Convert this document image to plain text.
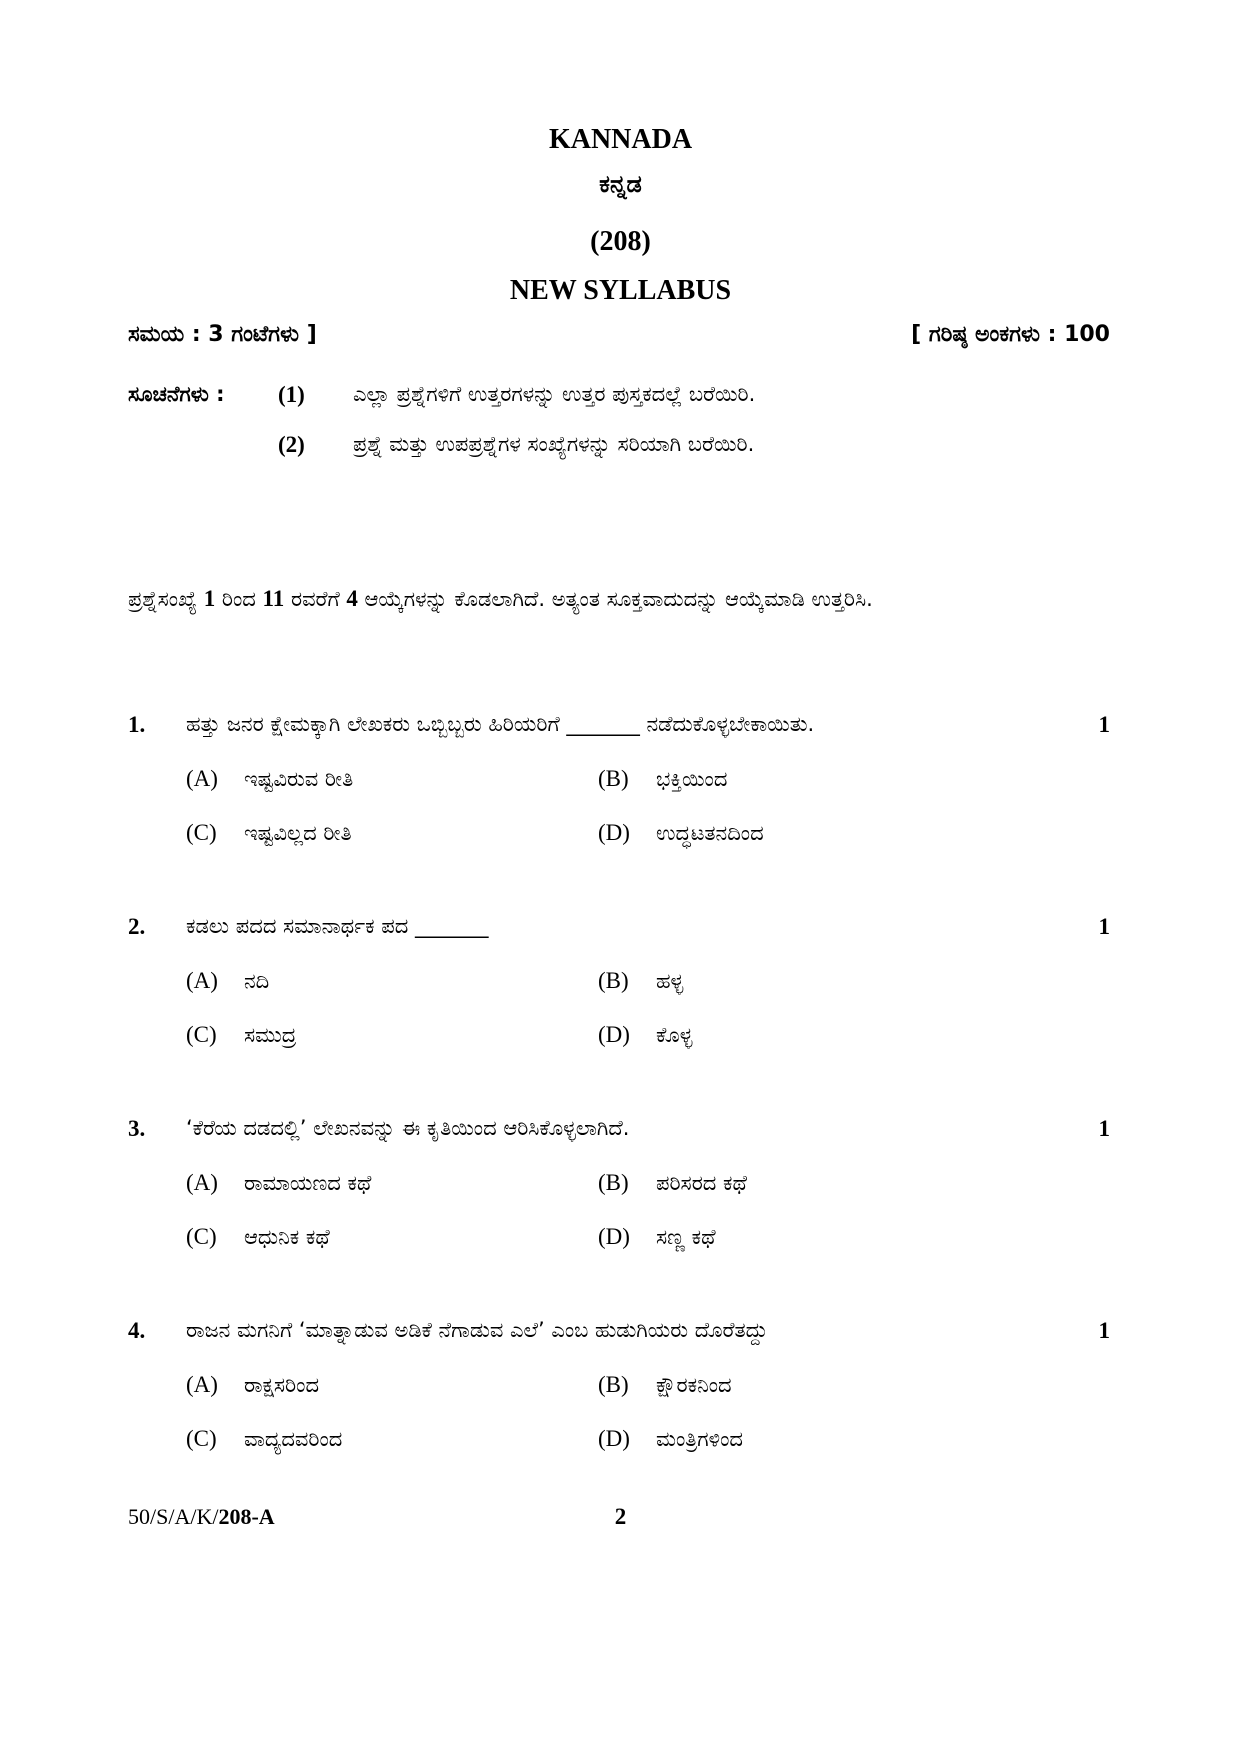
KANNADA
ಕನ್ನಡ
(208)
NEW SYLLABUS
ಸಮಯ : 3 ಗಂಟೆಗಳು ]	[ ಗರಿಷ್ಠ ಅಂಕಗಳು : 100
ಸೂಚನೆಗಳು : (1) ಎಲ್ಲಾ ಪ್ರಶ್ನೆಗಳಿಗೆ ಉತ್ತರಗಳನ್ನು ಉತ್ತರ ಪುಸ್ತಕದಲ್ಲೆ ಬರೆಯಿರಿ.
(2) ಪ್ರಶ್ನೆ ಮತ್ತು ಉಪಪ್ರಶ್ನೆಗಳ ಸಂಖ್ಯೆಗಳನ್ನು ಸರಿಯಾಗಿ ಬರೆಯಿರಿ.
ಪ್ರಶ್ನೆಸಂಖ್ಯೆ 1 ರಿಂದ 11 ರವರೆಗೆ 4 ಆಯ್ಕೆಗಳನ್ನು ಕೊಡಲಾಗಿದೆ. ಅತ್ಯಂತ ಸೂಕ್ತವಾದುದನ್ನು ಆಯ್ಕೆಮಾಡಿ ಉತ್ತರಿಸಿ.
1. ಹತ್ತು ಜನರ ಕ್ಷೇಮಕ್ಕಾಗಿ ಲೇಖಕರು ಒಬ್ಬಿಬ್ಬರು ಹಿರಿಯರಿಗೆ _______ ನಡೆದುಕೊಳ್ಳಬೇಕಾಯಿತು.	1
(A) ಇಷ್ಟವಿರುವ ರೀತಿ	(B) ಭಕ್ತಿಯಿಂದ
(C) ಇಷ್ಟವಿಲ್ಲದ ರೀತಿ	(D) ಉದ್ಧಟತನದಿಂದ
2. ಕಡಲು ಪದದ ಸಮಾನಾರ್ಥಕ ಪದ _______	1
(A) ನದಿ	(B) ಹಳ್ಳ
(C) ಸಮುದ್ರ	(D) ಕೊಳ್ಳ
3. ‘ಕೆರೆಯ ದಡದಲ್ಲಿ’ ಲೇಖನವನ್ನು ಈ ಕೃತಿಯಿಂದ ಆರಿಸಿಕೊಳ್ಳಲಾಗಿದೆ.	1
(A) ರಾಮಾಯಣದ ಕಥೆ	(B) ಪರಿಸರದ ಕಥೆ
(C) ಆಧುನಿಕ ಕಥೆ	(D) ಸಣ್ಣ ಕಥೆ
4. ರಾಜನ ಮಗನಿಗೆ ‘ಮಾತ್ನಾಡುವ ಅಡಿಕೆ ನೆಗಾಡುವ ಎಲೆ’ ಎಂಬ ಹುಡುಗಿಯರು ದೊರೆತದ್ದು	1
(A) ರಾಕ್ಷಸರಿಂದ	(B) ಕ್ಷೌರಕನಿಂದ
(C) ವಾದ್ಯದವರಿಂದ	(D) ಮಂತ್ರಿಗಳಿಂದ
50/S/A/K/208-A	2
